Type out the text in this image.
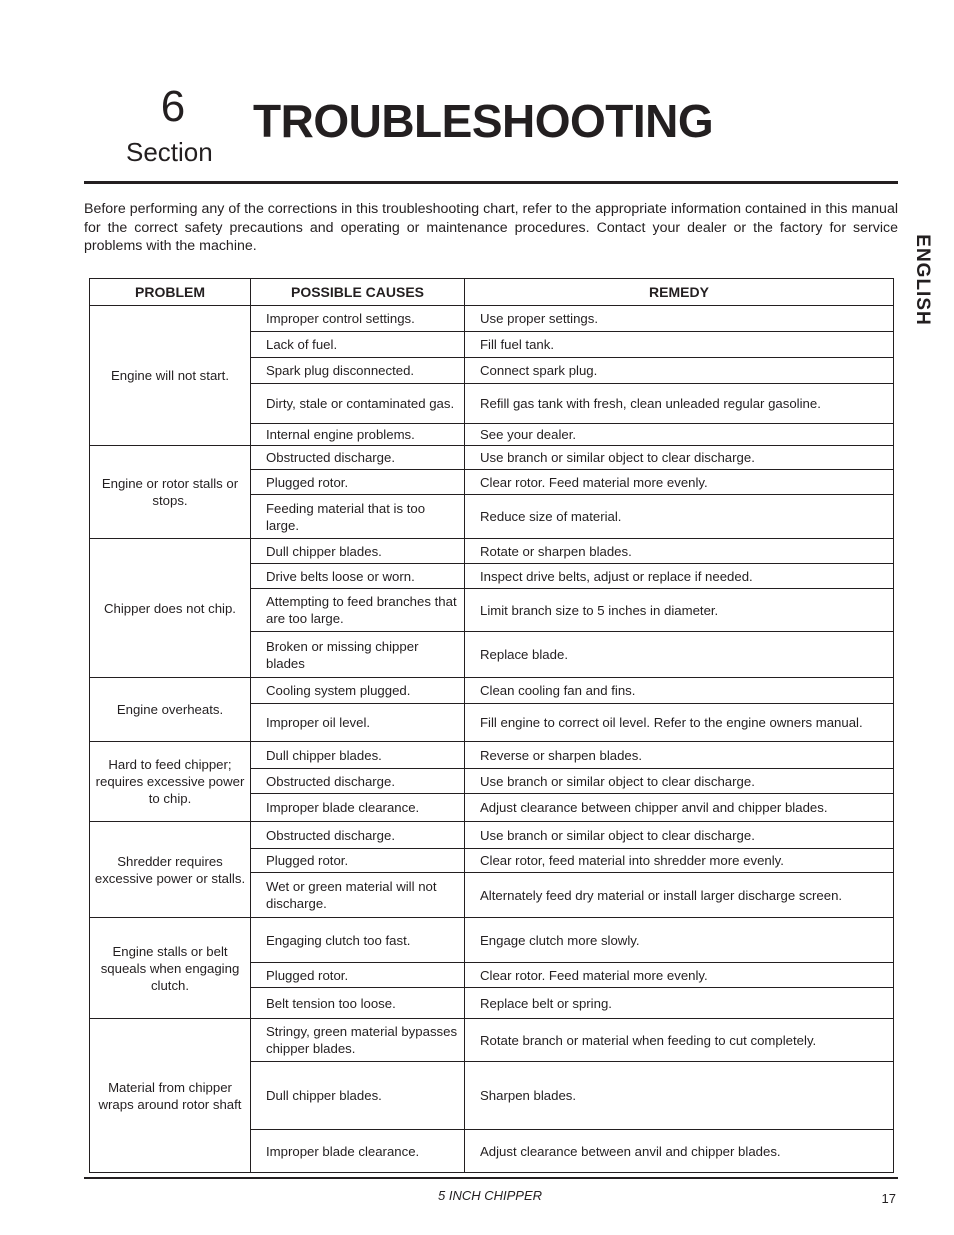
6
Section
TROUBLESHOOTING
Before performing any of the corrections in this troubleshooting chart, refer to the appropriate information contained in this manual for the correct safety precautions and operating or maintenance procedures. Contact your dealer or the factory for service problems with the machine.	ENGLISH
PROBLEM	POSSIBLE CAUSES	REMEDY
Engine will not start.	Improper control settings.	Use proper settings.
	Lack of fuel.	Fill fuel tank.
	Spark plug disconnected.	Connect spark plug.
	Dirty, stale or contaminated gas.	Refill gas tank with fresh, clean unleaded regular gasoline.
	Internal engine problems.	See your dealer.
Engine or rotor stalls or stops.	Obstructed discharge.	Use branch or similar object to clear discharge.
	Plugged rotor.	Clear rotor. Feed material more evenly.
	Feeding material that is too large.	Reduce size of material.
Chipper does not chip.	Dull chipper blades.	Rotate or sharpen blades.
	Drive belts loose or worn.	Inspect drive belts, adjust or replace if needed.
	Attempting to feed branches that are too large.	Limit branch size to 5 inches in diameter.
	Broken or missing chipper blades	Replace blade.
Engine overheats.	Cooling system plugged.	Clean cooling fan and fins.
	Improper oil level.	Fill engine to correct oil level. Refer to the engine owners manual.
Hard to feed chipper; requires excessive power to chip.	Dull chipper blades.	Reverse or sharpen blades.
	Obstructed discharge.	Use branch or similar object to clear discharge.
	Improper blade clearance.	Adjust clearance between chipper anvil and chipper blades.
Shredder requires excessive power or stalls.	Obstructed discharge.	Use branch or similar object to clear discharge.
	Plugged rotor.	Clear rotor, feed material into shredder more evenly.
	Wet or green material will not discharge.	Alternately feed dry material or install larger discharge screen.
Engine stalls or belt squeals when engaging clutch.	Engaging clutch too fast.	Engage clutch more slowly.
	Plugged rotor.	Clear rotor. Feed material more evenly.
	Belt tension too loose.	Replace belt or spring.
Material from chipper wraps around rotor shaft	Stringy, green material bypasses chipper blades.	Rotate branch or material when feeding to cut completely.
	Dull chipper blades.	Sharpen blades.
	Improper blade clearance.	Adjust clearance between anvil and chipper blades.
5 INCH CHIPPER	17
